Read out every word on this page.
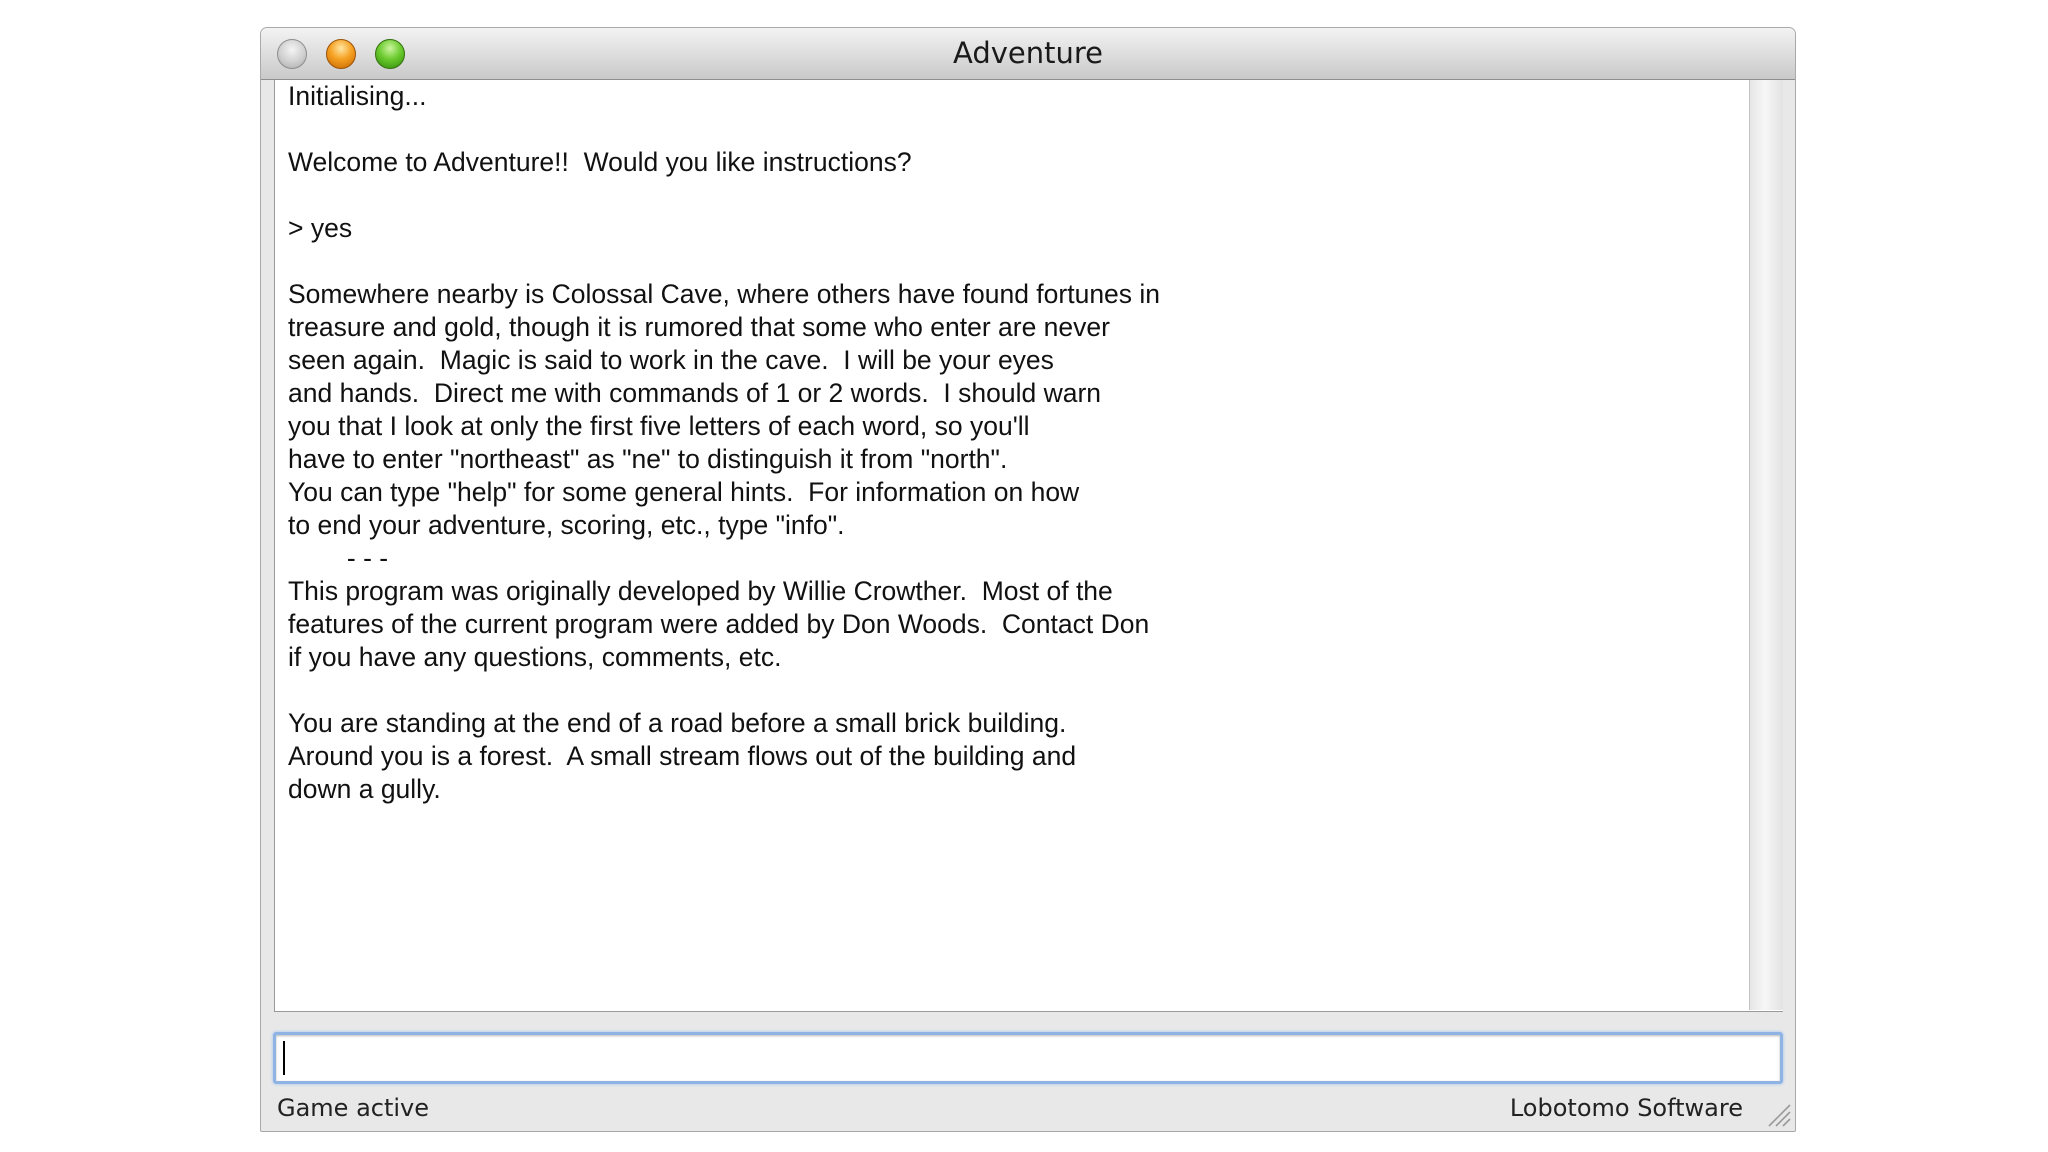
Adventure
Initialising...

Welcome to Adventure!!  Would you like instructions?

> yes

Somewhere nearby is Colossal Cave, where others have found fortunes in
treasure and gold, though it is rumored that some who enter are never
seen again.  Magic is said to work in the cave.  I will be your eyes
and hands.  Direct me with commands of 1 or 2 words.  I should warn
you that I look at only the first five letters of each word, so you'll
have to enter "northeast" as "ne" to distinguish it from "north".
You can type "help" for some general hints.  For information on how
to end your adventure, scoring, etc., type "info".
- - -
This program was originally developed by Willie Crowther.  Most of the
features of the current program were added by Don Woods.  Contact Don
if you have any questions, comments, etc.

You are standing at the end of a road before a small brick building.
Around you is a forest.  A small stream flows out of the building and
down a gully.
Game active	Lobotomo Software
